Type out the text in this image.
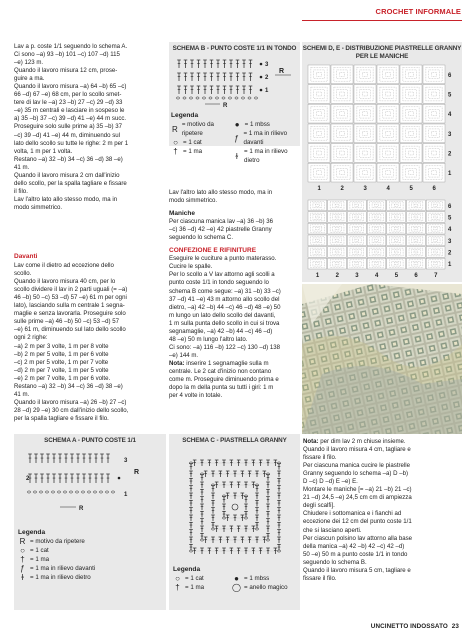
CROCHET INFORMALE

Lav a p. coste 1/1 seguendo lo schema A.

Ci sono –a) 93 –b) 101 –c) 107 –d) 115

–e) 123 m.

Quando il lavoro misura 12 cm, prose-

guire a ma.

Quando il lavoro misura –a) 64 –b) 65 –c)

66 –d) 67 –e) 68 cm, per lo scollo smet-

tere di lav le –a) 23 –b) 27 –c) 29 –d) 33

–e) 35 m centrali e lasciare in sospeso le

a) 35 –b) 37 –c) 39 –d) 41 –e) 44 m succ.

Proseguire solo sulle prime a) 35 –b) 37

–c) 39 –d) 41 –e) 44 m, diminuendo sul

lato dello scollo su tutte le righe: 2 m per 1

volta, 1 m per 1 volta.

Restano –a) 32 –b) 34 –c) 36 –d) 38 –e)

41 m.

Quando il lavoro misura 2 cm dall'inizio

dello scollo, per la spalla tagliare e fissare

il filo.

Lav l'altro lato allo stesso modo, ma in

modo simmetrico.

Davanti

Lav come il dietro ad eccezione dello

scollo.

Quando il lavoro misura 40 cm, per lo

scollo dividere il lav in 2 parti uguali (= –a)

46 –b) 50 –c) 53 –d) 57 –e) 61 m per ogni

lato), lasciando sulla m centrale 1 segna-

maglie e senza lavorarla. Proseguire solo

sulle prime –a) 46 –b) 50 –c) 53 –d) 57

–e) 61 m, diminuendo sul lato dello scollo

ogni 2 righe:

–a) 2 m per 3 volte, 1 m per 8 volte

–b) 2 m per 5 volte, 1 m per 6 volte

–c) 2 m per 5 volte, 1 m per 7 volte

–d) 2 m per 7 volte, 1 m per 5 volte

–e) 2 m per 7 volte, 1 m per 6 volte.

Restano –a) 32 –b) 34 –c) 36 –d) 38 –e)

41 m.

Quando il lavoro misura –a) 26 –b) 27 –c)

28 –d) 29 –e) 30 cm dall'inizio dello scollo,

per la spalla tagliare e fissare il filo.

SCHEMA B - PUNTO COSTE 1/1 IN TONDO
3
2
1
R
R
Legenda
R = motivo da ripetere
○ = 1 cat
† = 1 ma
● = 1 mbss
ƒ = 1 ma in rilievo davanti
ɫ = 1 ma in rilievo dietro

Lav l'altro lato allo stesso modo, ma in

modo simmetrico.

Maniche

Per ciascuna manica lav –a) 36 –b) 36

–c) 36 –d) 42 –e) 42 piastrelle Granny

seguendo lo schema C.

CONFEZIONE E RIFINITURE

Eseguire le cuciture a punto materasso.

Cucire le spalle.

Per lo scollo a V lav attorno agli scolli a

punto coste 1/1 in tondo seguendo lo

schema B come segue: –a) 31 –b) 33 –c)

37 –d) 41 –e) 43 m attorno allo scollo del

dietro, –a) 42 –b) 44 –c) 46 –d) 48 –e) 50

m lungo un lato dello scollo del davanti,

1 m sulla punta dello scollo in cui si trova

segnamaglie, –a) 42 –b) 44 –c) 46 –d)

48 –e) 50 m lungo l'altro lato.

Ci sono: –a) 116 –b) 122 –c) 130 –d) 138

–e) 144 m.

Nota: inserire 1 segnamaglie sulla m

centrale. Le 2 cat d'inizio non contano

come m. Proseguire diminuendo prima e

dopo la m della punta su tutti i giri: 1 m

per 4 volte in totale.

SCHEMI D, E - DISTRIBUZIONE PIASTRELLE GRANNY PER LE MANICHE
6
5
4
3
2
1
1	2	3	4	5	6
6
5
4
3
2
1
1	2	3	4	5	6	7
SCHEMA A - PUNTO COSTE 1/1
3
2
1
R
R
Legenda
R = motivo da ripetere
○ = 1 cat
† = 1 ma
ƒ = 1 ma in rilievo davanti
ɫ = 1 ma in rilievo dietro
SCHEMA C - PIASTRELLA GRANNY
Legenda
○ = 1 cat
† = 1 ma
● = 1 mbss
◯ = anello magico

Nota: per dim lav 2 m chiuse insieme.

Quando il lavoro misura 4 cm, tagliare e

fissare il filo.

Per ciascuna manica cucire le piastrelle

Granny seguendo lo schema –a) D –b)

D –c) D –d) E –e) E.

Montare le maniche [= –a) 21 –b) 21 –c)

21 –d) 24,5 –e) 24,5 cm cm di ampiezza

degli scalfi].

Chiudere i sottomanica e i fianchi ad

eccezione dei 12 cm del punto coste 1/1

che si lasciano aperti.

Per ciascun polsino lav attorno alla base

della manica –a) 42 –b) 42 –c) 42 –d)

50 –e) 50 m a punto coste 1/1 in tondo

seguendo lo schema B.

Quando il lavoro misura 5 cm, tagliare e

fissare il filo.

UNCINETTO INDOSSATO 23
